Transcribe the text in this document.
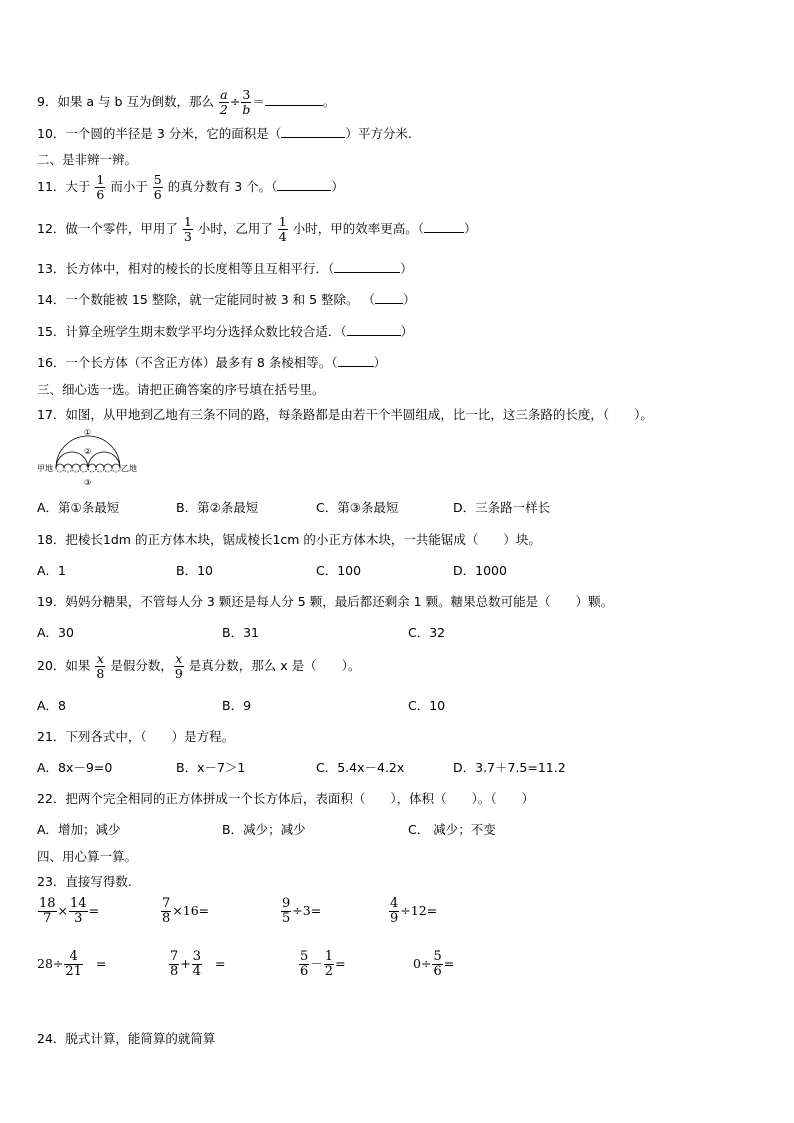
9．如果 a 与 b 互为倒数，那么 $\frac{a}{2} \div \frac{3}{b}$ ＝	。
10．一个圆的半径是 3 分米，它的面积是（	）平方分米.
二、是非辨一辨。
11．大于 $\frac{1}{6}$ 而小于 $\frac{5}{6}$ 的真分数有 3 个。（	）
12．做一个零件，甲用了 $\frac{1}{3}$ 小时，乙用了 $\frac{1}{4}$ 小时，甲的效率更高。（	）
13．长方体中，相对的棱长的长度相等且互相平行．（	）
14．一个数能被 15 整除，就一定能同时被 3 和 5 整除。 （ ）
15．计算全班学生期末数学平均分选择众数比较合适．（	）
16．一个长方体（不含正方体）最多有 8 条棱相等。（	）
三、细心选一选。请把正确答案的序号填在括号里。
17．如图，从甲地到乙地有三条不同的路，每条路都是由若干个半圆组成，比一比，这三条路的长度，（　　）。
甲地	乙地
①
②
③
A．第①条最短	B．第②条最短	C．第③条最短	D．三条路一样长
18．把棱长1dm 的正方体木块，锯成棱长1cm 的小正方体木块，一共能锯成（　　）块。
A．1	B．10	C．100	D．1000
19．妈妈分糖果，不管每人分 3 颗还是每人分 5 颗，最后都还剩余 1 颗。糖果总数可能是（　　）颗。
A．30	B．31	C．32
20．如果 $\frac{x}{8}$ 是假分数， $\frac{x}{9}$ 是真分数，那么 x 是（　　）。
A．8	B．9	C．10
21．下列各式中，（　　）是方程。
A．8x－9=0	B．x－7＞1	C．5.4x－4.2x	D．3.7＋7.5=11.2
22．把两个完全相同的正方体拼成一个长方体后，表面积（　　），体积（　　）。（　　）
A．增加；减少	B．减少；减少	C． 减少；不变
四、用心算一算。
23．直接写得数.
$\frac{18}{7} \times \frac{14}{3}$ =	$\frac{7}{8} \times 16=$	$\frac{9}{5} \div 3=$	$\frac{4}{9} \div 12=$
$28\div \frac{4}{21}$ =	$\frac{7}{8} + \frac{3}{4}$ =	$\frac{5}{6} - \frac{1}{2}$ =	$0\div \frac{5}{6}$ =
24．脱式计算，能简算的就简算
